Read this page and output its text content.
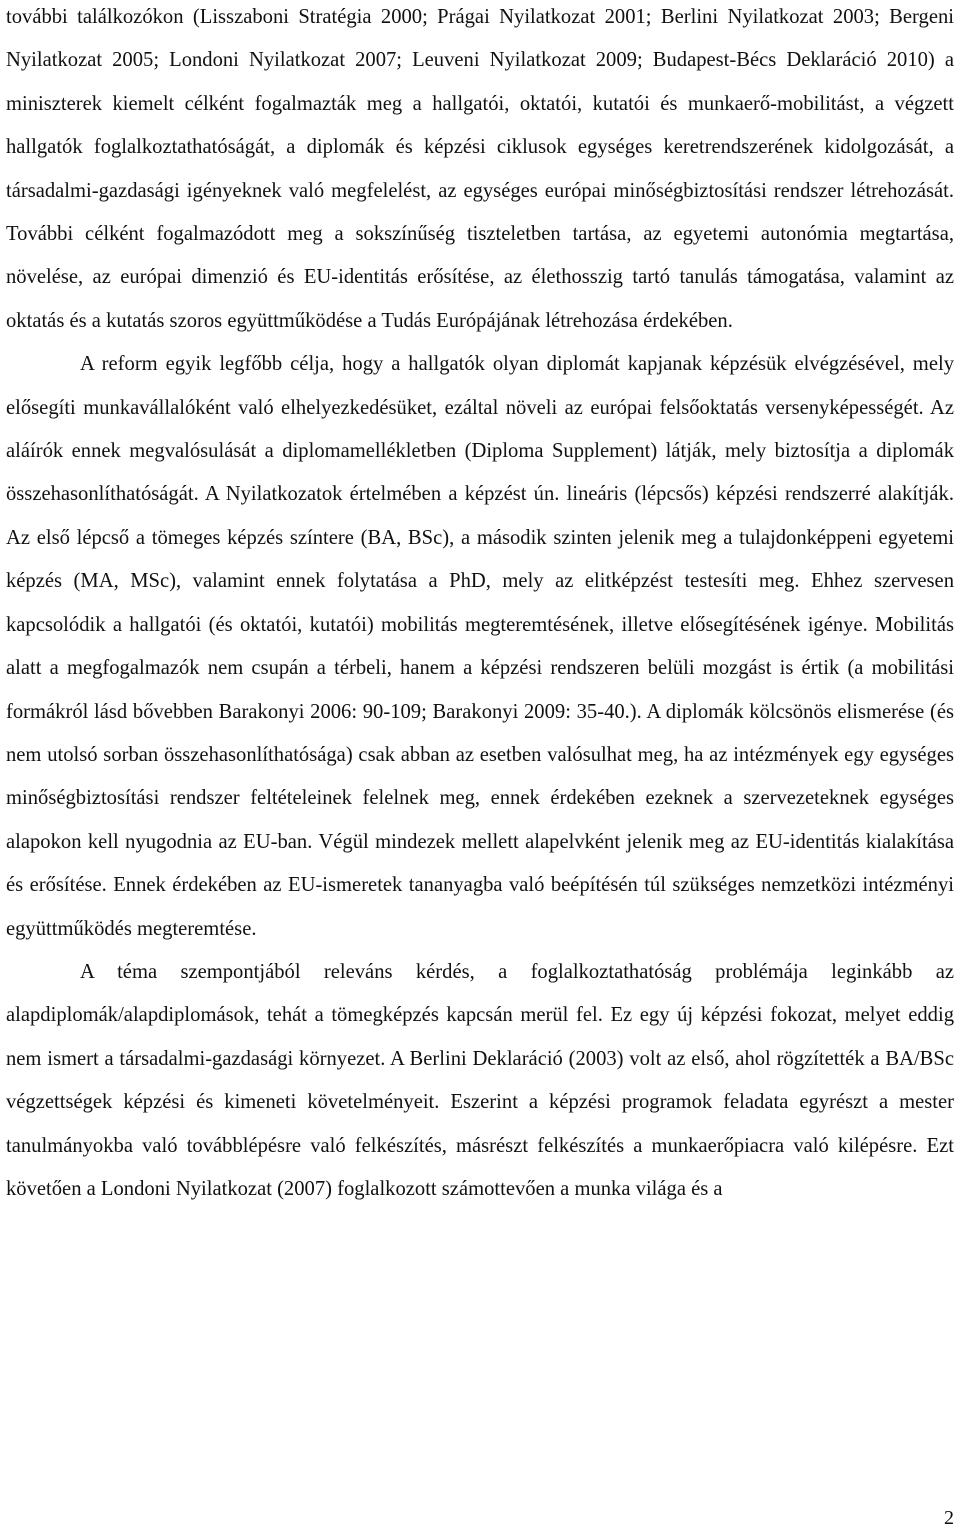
további találkozókon (Lisszaboni Stratégia 2000; Prágai Nyilatkozat 2001; Berlini Nyilatkozat 2003; Bergeni Nyilatkozat 2005; Londoni Nyilatkozat 2007; Leuveni Nyilatkozat 2009; Budapest-Bécs Deklaráció 2010) a miniszterek kiemelt célként fogalmazták meg a hallgatói, oktatói, kutatói és munkaerő-mobilitást, a végzett hallgatók foglalkoztathatóságát, a diplomák és képzési ciklusok egységes keretrendszerének kidolgozását, a társadalmi-gazdasági igényeknek való megfelelést, az egységes európai minőségbiztosítási rendszer létrehozását. További célként fogalmazódott meg a sokszínűség tiszteletben tartása, az egyetemi autonómia megtartása, növelése, az európai dimenzió és EU-identitás erősítése, az élethosszig tartó tanulás támogatása, valamint az oktatás és a kutatás szoros együttműködése a Tudás Európájának létrehozása érdekében.

A reform egyik legfőbb célja, hogy a hallgatók olyan diplomát kapjanak képzésük elvégzésével, mely elősegíti munkavállalóként való elhelyezkedésüket, ezáltal növeli az európai felsőoktatás versenyképességét. Az aláírók ennek megvalósulását a diplomamellékletben (Diploma Supplement) látják, mely biztosítja a diplomák összehasonlíthatóságát. A Nyilatkozatok értelmében a képzést ún. lineáris (lépcsős) képzési rendszerré alakítják. Az első lépcső a tömeges képzés színtere (BA, BSc), a második szinten jelenik meg a tulajdonképpeni egyetemi képzés (MA, MSc), valamint ennek folytatása a PhD, mely az elitképzést testesíti meg. Ehhez szervesen kapcsolódik a hallgatói (és oktatói, kutatói) mobilitás megteremtésének, illetve elősegítésének igénye. Mobilitás alatt a megfogalmazók nem csupán a térbeli, hanem a képzési rendszeren belüli mozgást is értik (a mobilitási formákról lásd bővebben Barakonyi 2006: 90-109; Barakonyi 2009: 35-40.). A diplomák kölcsönös elismerése (és nem utolsó sorban összehasonlíthatósága) csak abban az esetben valósulhat meg, ha az intézmények egy egységes minőségbiztosítási rendszer feltételeinek felelnek meg, ennek érdekében ezeknek a szervezeteknek egységes alapokon kell nyugodnia az EU-ban. Végül mindezek mellett alapelvként jelenik meg az EU-identitás kialakítása és erősítése. Ennek érdekében az EU-ismeretek tananyagba való beépítésén túl szükséges nemzetközi intézményi együttműködés megteremtése.

A téma szempontjából releváns kérdés, a foglalkoztathatóság problémája leginkább az alapdiplomák/alapdiplomások, tehát a tömegképzés kapcsán merül fel. Ez egy új képzési fokozat, melyet eddig nem ismert a társadalmi-gazdasági környezet. A Berlini Deklaráció (2003) volt az első, ahol rögzítették a BA/BSc végzettségek képzési és kimeneti követelményeit. Eszerint a képzési programok feladata egyrészt a mester tanulmányokba való továbblépésre való felkészítés, másrészt felkészítés a munkaerőpiacra való kilépésre. Ezt követően a Londoni Nyilatkozat (2007) foglalkozott számottevően a munka világa és a

2
